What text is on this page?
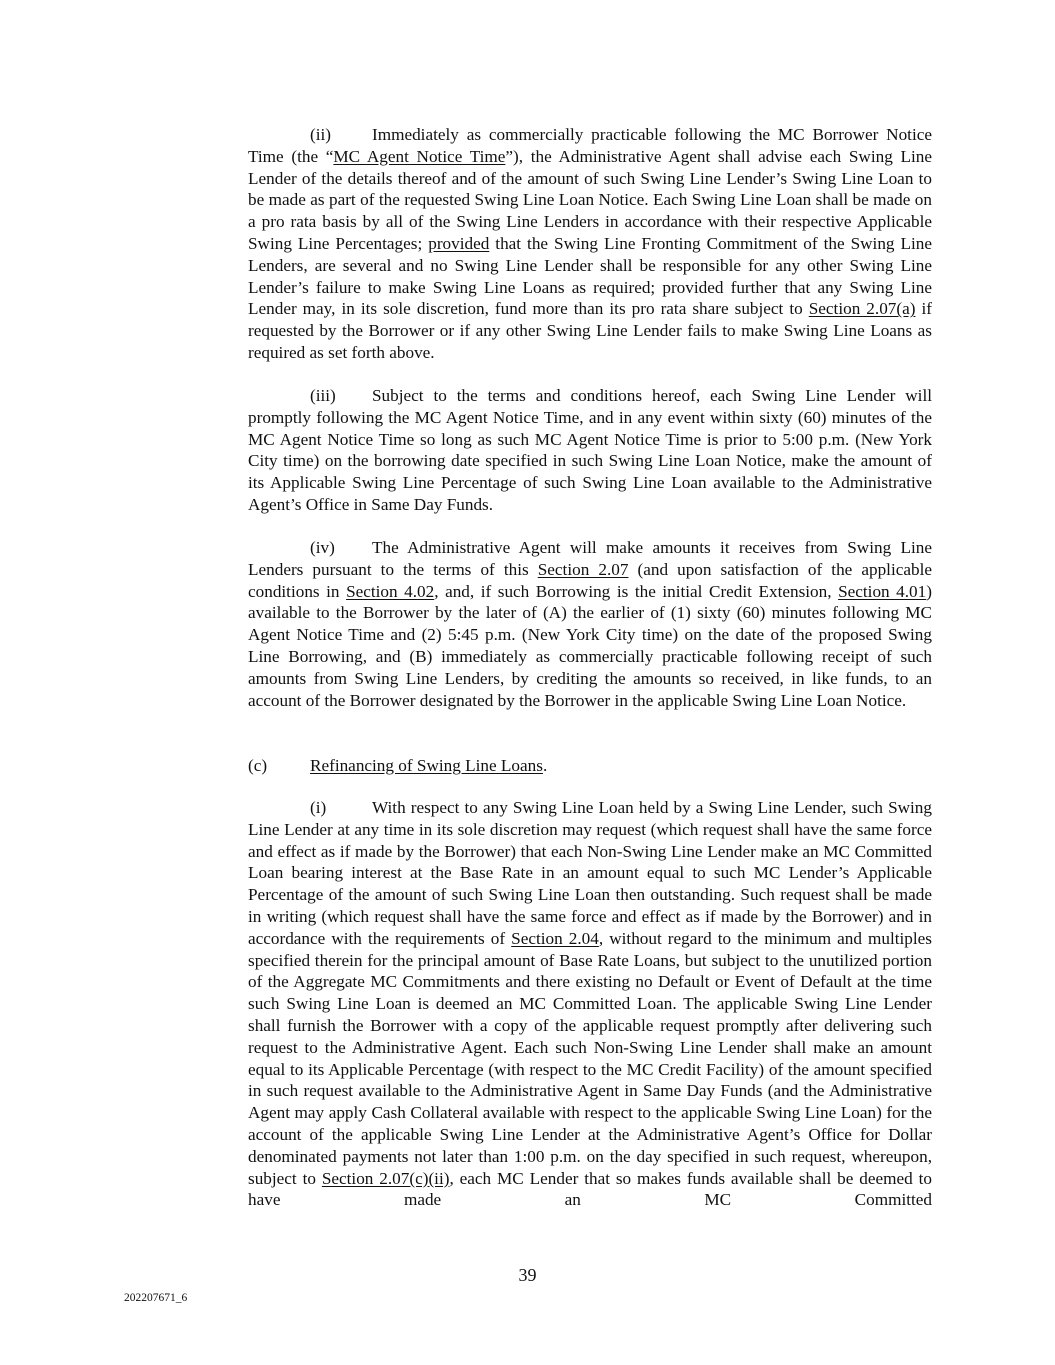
(ii) Immediately as commercially practicable following the MC Borrower Notice Time (the “MC Agent Notice Time”), the Administrative Agent shall advise each Swing Line Lender of the details thereof and of the amount of such Swing Line Lender’s Swing Line Loan to be made as part of the requested Swing Line Loan Notice. Each Swing Line Loan shall be made on a pro rata basis by all of the Swing Line Lenders in accordance with their respective Applicable Swing Line Percentages; provided that the Swing Line Fronting Commitment of the Swing Line Lenders, are several and no Swing Line Lender shall be responsible for any other Swing Line Lender’s failure to make Swing Line Loans as required; provided further that any Swing Line Lender may, in its sole discretion, fund more than its pro rata share subject to Section 2.07(a) if requested by the Borrower or if any other Swing Line Lender fails to make Swing Line Loans as required as set forth above.

(iii) Subject to the terms and conditions hereof, each Swing Line Lender will promptly following the MC Agent Notice Time, and in any event within sixty (60) minutes of the MC Agent Notice Time so long as such MC Agent Notice Time is prior to 5:00 p.m. (New York City time) on the borrowing date specified in such Swing Line Loan Notice, make the amount of its Applicable Swing Line Percentage of such Swing Line Loan available to the Administrative Agent’s Office in Same Day Funds.

(iv) The Administrative Agent will make amounts it receives from Swing Line Lenders pursuant to the terms of this Section 2.07 (and upon satisfaction of the applicable conditions in Section 4.02, and, if such Borrowing is the initial Credit Extension, Section 4.01) available to the Borrower by the later of (A) the earlier of (1) sixty (60) minutes following MC Agent Notice Time and (2) 5:45 p.m. (New York City time) on the date of the proposed Swing Line Borrowing, and (B) immediately as commercially practicable following receipt of such amounts from Swing Line Lenders, by crediting the amounts so received, in like funds, to an account of the Borrower designated by the Borrower in the applicable Swing Line Loan Notice.

(c) Refinancing of Swing Line Loans.

(i)	With respect to any Swing Line Loan held by a Swing Line Lender, such Swing Line Lender at any time in its sole discretion may request (which request shall have the same force and effect as if made by the Borrower) that each Non-Swing Line Lender make an MC Committed Loan bearing interest at the Base Rate in an amount equal to such MC Lender’s Applicable Percentage of the amount of such Swing Line Loan then outstanding. Such request shall be made in writing (which request shall have the same force and effect as if made by the Borrower) and in accordance with the requirements of Section 2.04, without regard to the minimum and multiples specified therein for the principal amount of Base Rate Loans, but subject to the unutilized portion of the Aggregate MC Commitments and there existing no Default or Event of Default at the time such Swing Line Loan is deemed an MC Committed Loan. The applicable Swing Line Lender shall furnish the Borrower with a copy of the applicable request promptly after delivering such request to the Administrative Agent. Each such Non-Swing Line Lender shall make an amount equal to its Applicable Percentage (with respect to the MC Credit Facility) of the amount specified in such request available to the Administrative Agent in Same Day Funds (and the Administrative Agent may apply Cash Collateral available with respect to the applicable Swing Line Loan) for the account of the applicable Swing Line Lender at the Administrative Agent’s Office for Dollar denominated payments not later than 1:00 p.m. on the day specified in such request, whereupon, subject to Section 2.07(c)(ii), each MC Lender that so makes funds available shall be deemed to have made an MC Committed

39
202207671_6
